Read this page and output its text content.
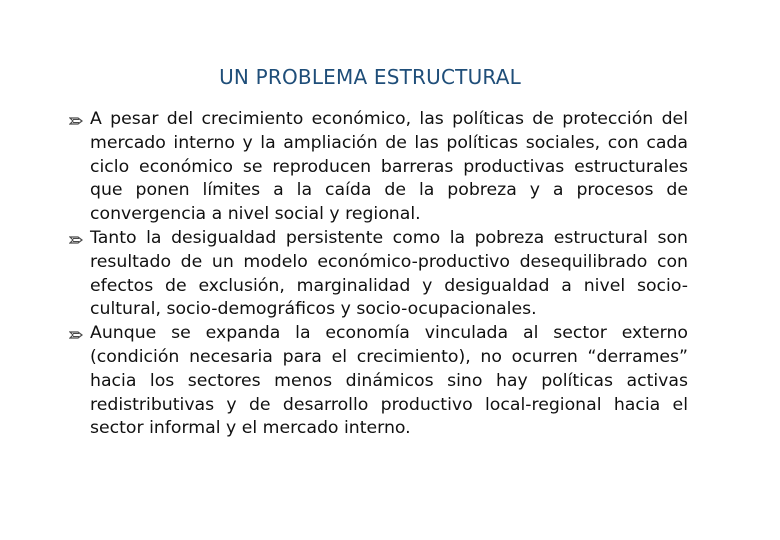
UN PROBLEMA ESTRUCTURAL
A pesar del crecimiento económico, las políticas de protección del mercado interno y la ampliación de las políticas sociales, con cada ciclo económico se reproducen barreras productivas estructurales que ponen límites a la caída de la pobreza y a procesos de convergencia a nivel social y regional.
Tanto la desigualdad persistente como la pobreza estructural son resultado de un modelo económico-productivo desequilibrado con efectos de exclusión, marginalidad y desigualdad a nivel socio-cultural, socio-demográficos y socio-ocupacionales.
Aunque se expanda la economía vinculada al sector externo (condición necesaria para el crecimiento), no ocurren “derrames” hacia los sectores menos dinámicos sino hay políticas activas redistributivas y de desarrollo productivo local-regional hacia el sector informal y el mercado interno.
